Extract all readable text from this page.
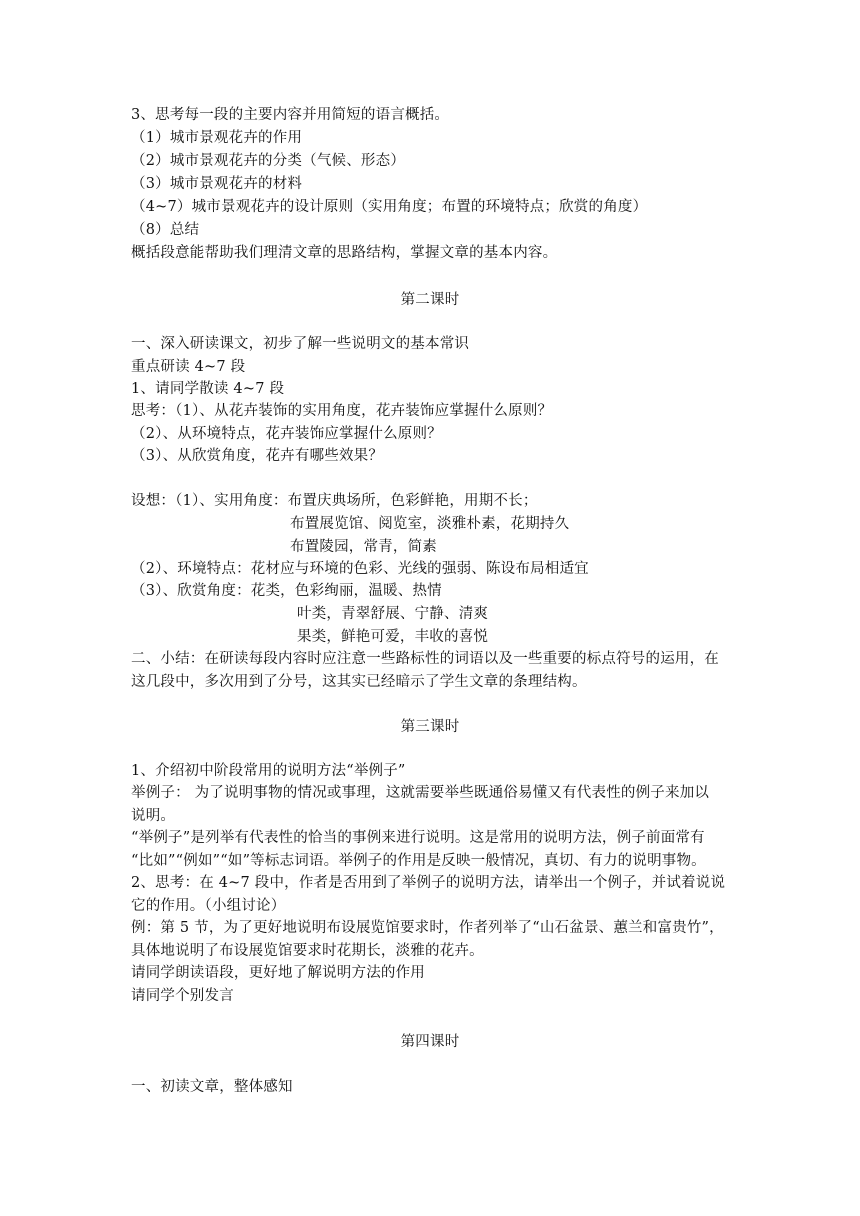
3、思考每一段的主要内容并用简短的语言概括。
（1）城市景观花卉的作用
（2）城市景观花卉的分类（气候、形态）
（3）城市景观花卉的材料
（4~7）城市景观花卉的设计原则（实用角度；布置的环境特点；欣赏的角度）
（8）总结
概括段意能帮助我们理清文章的思路结构，掌握文章的基本内容。
第二课时
一、深入研读课文，初步了解一些说明文的基本常识
重点研读 4~7 段
1、请同学散读 4~7 段
思考：（1）、从花卉装饰的实用角度，花卉装饰应掌握什么原则？
（2）、从环境特点，花卉装饰应掌握什么原则？
（3）、从欣赏角度，花卉有哪些效果？
设想：（1）、实用角度：布置庆典场所，色彩鲜艳，用期不长；
布置展览馆、阅览室，淡雅朴素，花期持久
布置陵园，常青，简素
（2）、环境特点：花材应与环境的色彩、光线的强弱、陈设布局相适宜
（3）、欣赏角度：花类，色彩绚丽，温暖、热情
叶类，青翠舒展、宁静、清爽
果类，鲜艳可爱，丰收的喜悦
二、小结：在研读每段内容时应注意一些路标性的词语以及一些重要的标点符号的运用，在
这几段中，多次用到了分号，这其实已经暗示了学生文章的条理结构。
第三课时
1、介绍初中阶段常用的说明方法“举例子”
举例子： 为了说明事物的情况或事理，这就需要举些既通俗易懂又有代表性的例子来加以
说明。
“举例子”是列举有代表性的恰当的事例来进行说明。这是常用的说明方法，例子前面常有
“比如”“例如”“如”等标志词语。举例子的作用是反映一般情况，真切、有力的说明事物。
2、思考：在 4~7 段中，作者是否用到了举例子的说明方法，请举出一个例子，并试着说说
它的作用。（小组讨论）
例：第 5 节，为了更好地说明布设展览馆要求时，作者列举了“山石盆景、蕙兰和富贵竹”，
具体地说明了布设展览馆要求时花期长，淡雅的花卉。
请同学朗读语段，更好地了解说明方法的作用
请同学个别发言
第四课时
一、初读文章，整体感知
